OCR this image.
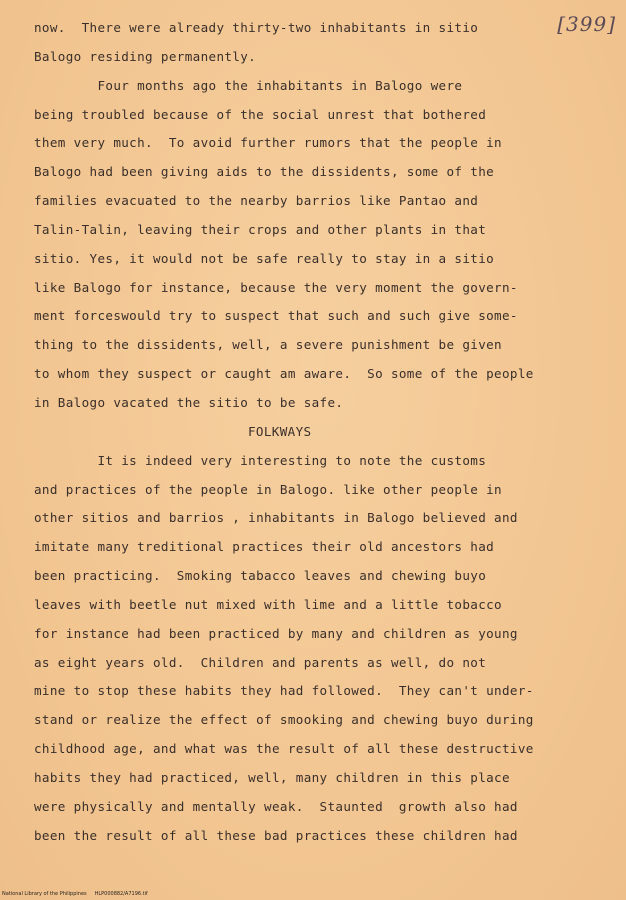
[399]
now.  There were already thirty-two inhabitants in sitio
Balogo residing permanently.
Four months ago the inhabitants in Balogo were
being troubled because of the social unrest that bothered
them very much.  To avoid further rumors that the people in
Balogo had been giving aids to the dissidents, some of the
families evacuated to the nearby barrios like Pantao and
Talin-Talin, leaving their crops and other plants in that
sitio. Yes, it would not be safe really to stay in a sitio
like Balogo for instance, because the very moment the govern-
ment forceswould try to suspect that such and such give some-
thing to the dissidents, well, a severe punishment be given
to whom they suspect or caught am aware.  So some of the people
in Balogo vacated the sitio to be safe.
FOLKWAYS
It is indeed very interesting to note the customs
and practices of the people in Balogo. like other people in
other sitios and barrios , inhabitants in Balogo believed and
imitate many treditional practices their old ancestors had
been practicing.  Smoking tabacco leaves and chewing buyo
leaves with beetle nut mixed with lime and a little tobacco
for instance had been practiced by many and children as young
as eight years old.  Children and parents as well, do not
mine to stop these habits they had followed.  They can't under-
stand or realize the effect of smooking and chewing buyo during
childhood age, and what was the result of all these destructive
habits they had practiced, well, many children in this place
were physically and mentally weak.  Staunted  growth also had
been the result of all these bad practices these children had
National Library of the Philippines     HLP000882/A7196.tif
